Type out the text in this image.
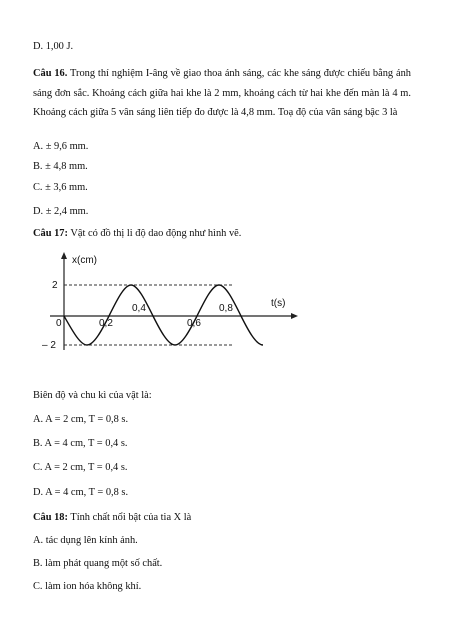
D. 1,00 J.
Câu 16. Trong thí nghiệm I-âng về giao thoa ánh sáng, các khe sáng được chiếu bằng ánh sáng đơn sắc. Khoảng cách giữa hai khe là 2 mm, khoảng cách từ hai khe đến màn là 4 m. Khoảng cách giữa 5 vân sáng liên tiếp đo được là 4,8 mm. Toạ độ của vân sáng bậc 3 là
A. ± 9,6 mm.
B. ± 4,8 mm.
C. ± 3,6 mm.
D. ± 2,4 mm.
Câu 17: Vật có đồ thị li độ dao động như hình vẽ.
x(cm)
t(s)
2
– 2
0	0,2
0,4
0,6
0,8
Biên độ và chu kì của vật là:
A. A = 2 cm, T = 0,8 s.
B. A = 4 cm, T = 0,4 s.
C. A = 2 cm, T = 0,4 s.
D. A = 4 cm, T = 0,8 s.
Câu 18: Tính chất nổi bật của tia X là
A. tác dụng lên kính ảnh.
B. làm phát quang một số chất.
C. làm ion hóa không khí.
